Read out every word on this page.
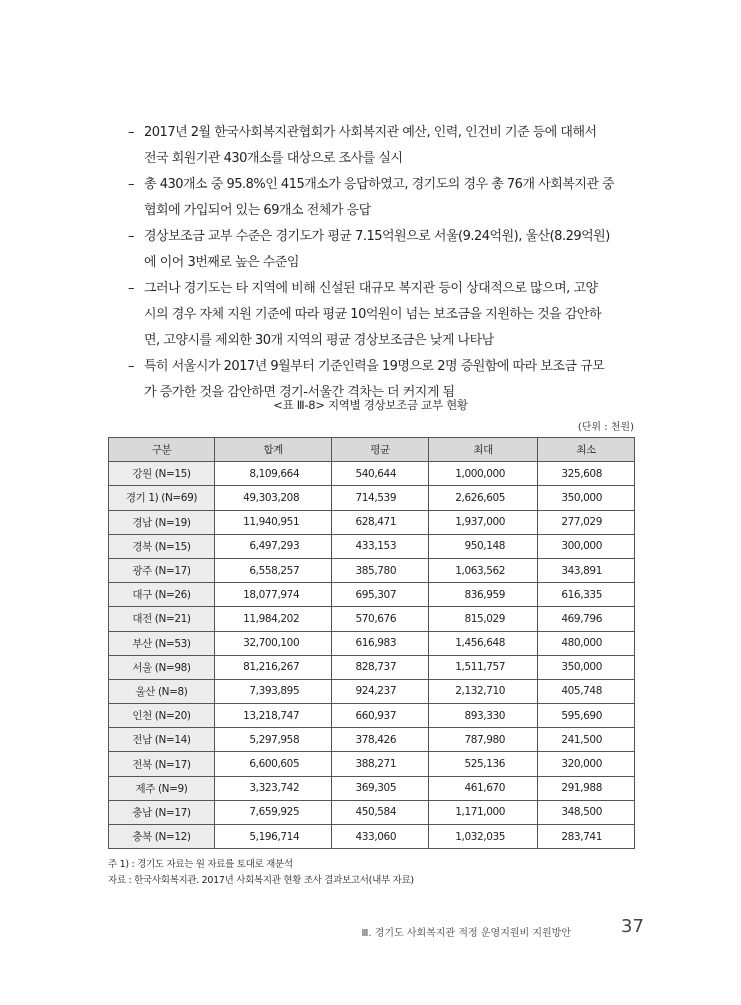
– 2017년 2월 한국사회복지관협회가 사회복지관 예산, 인력, 인건비 기준 등에 대해서
전국 회원기관 430개소를 대상으로 조사를 실시
– 총 430개소 중 95.8%인 415개소가 응답하였고, 경기도의 경우 총 76개 사회복지관 중
협회에 가입되어 있는 69개소 전체가 응답
– 경상보조금 교부 수준은 경기도가 평균 7.15억원으로 서울(9.24억원), 울산(8.29억원)
에 이어 3번째로 높은 수준임
– 그러나 경기도는 타 지역에 비해 신설된 대규모 복지관 등이 상대적으로 많으며, 고양
시의 경우 자체 지원 기준에 따라 평균 10억원이 넘는 보조금을 지원하는 것을 감안하
면, 고양시를 제외한 30개 지역의 평균 경상보조금은 낮게 나타남
– 특히 서울시가 2017년 9월부터 기준인력을 19명으로 2명 증원함에 따라 보조금 규모
가 증가한 것을 감안하면 경기-서울간 격차는 더 커지게 됨
<표 Ⅲ-8> 지역별 경상보조금 교부 현황
(단위 : 천원)
구분	합계	평균	최대	최소
강원 (N=15)	8,109,664	540,644	1,000,000	325,608
경기 1) (N=69)	49,303,208	714,539	2,626,605	350,000
경남 (N=19)	11,940,951	628,471	1,937,000	277,029
경북 (N=15)	6,497,293	433,153	950,148	300,000
광주 (N=17)	6,558,257	385,780	1,063,562	343,891
대구 (N=26)	18,077,974	695,307	836,959	616,335
대전 (N=21)	11,984,202	570,676	815,029	469,796
부산 (N=53)	32,700,100	616,983	1,456,648	480,000
서울 (N=98)	81,216,267	828,737	1,511,757	350,000
울산 (N=8)	7,393,895	924,237	2,132,710	405,748
인천 (N=20)	13,218,747	660,937	893,330	595,690
전남 (N=14)	5,297,958	378,426	787,980	241,500
전북 (N=17)	6,600,605	388,271	525,136	320,000
제주 (N=9)	3,323,742	369,305	461,670	291,988
충남 (N=17)	7,659,925	450,584	1,171,000	348,500
충북 (N=12)	5,196,714	433,060	1,032,035	283,741
주 1) : 경기도 자료는 원 자료를 토대로 재분석
자료 : 한국사회복지관. 2017년 사회복지관 현황 조사 결과보고서(내부 자료)
Ⅲ. 경기도 사회복지관 적정 운영지원비 지원방안	37
